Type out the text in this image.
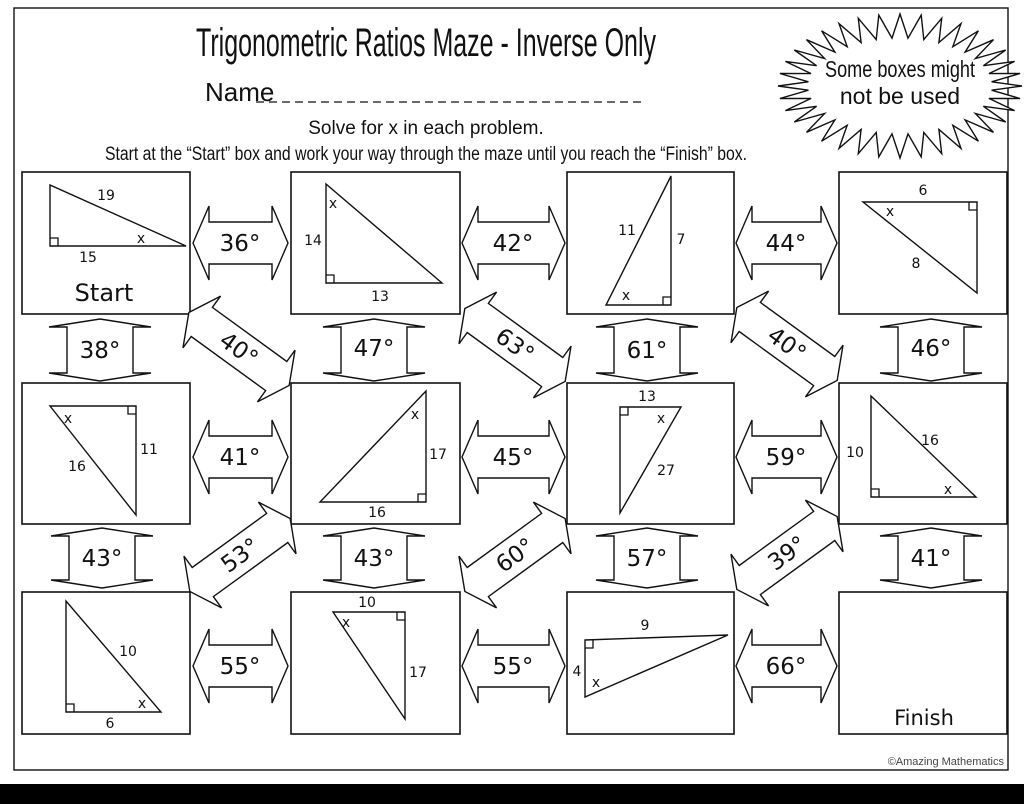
Trigonometric Ratios Maze - Inverse Only
Name
Solve for x in each problem.
Start at the “Start” box and work your way through the maze until you reach the “Finish” box.
Some boxes might
not be used
19
x
15
Start
x
14
13
11
7
x
6
x
8
x
11
16
x
17
16
13
x
27
10
16
x
10
x
6
10
x
17
9
4
x
Finish
36°	42°	44°
41°	45°	59°
55°	55°	66°
38°	47°	61°	46°
43°	43°	57°	41°
40°	63°	40°
53°	60°	39°
©Amazing Mathematics
